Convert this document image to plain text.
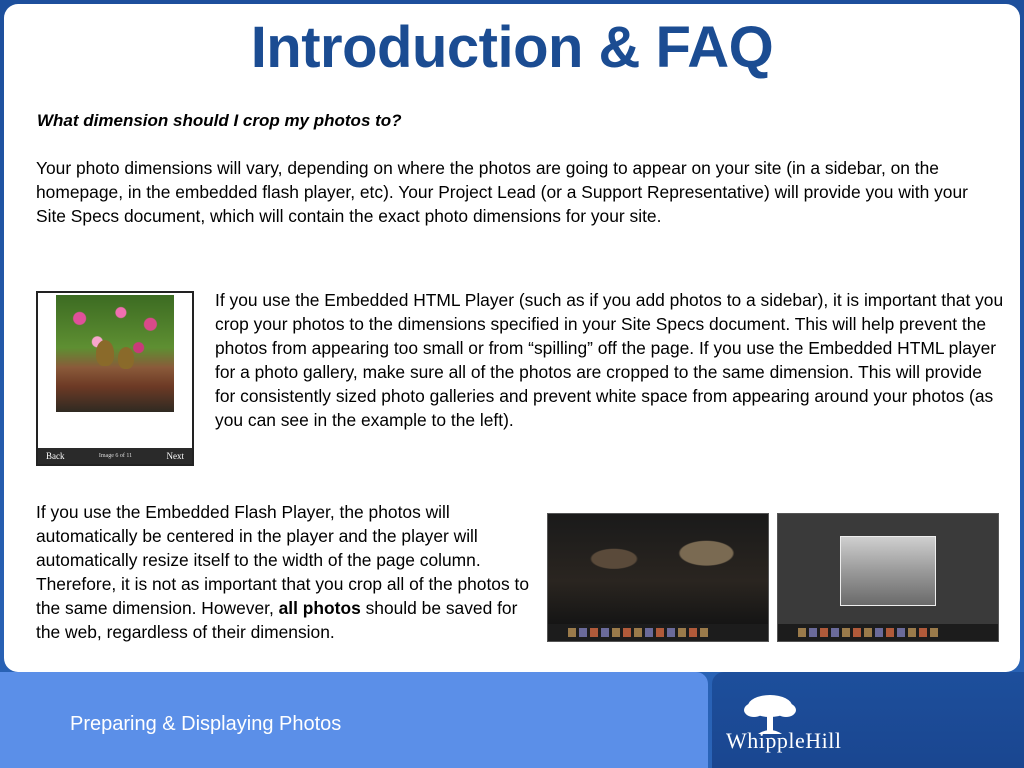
Introduction & FAQ
What dimension should I crop my photos to?

Your photo dimensions will vary, depending on where the photos are going to appear on your site (in a sidebar, on the homepage, in the embedded flash player, etc). Your Project Lead (or a Support Representative) will provide you with your Site Specs document, which will contain the exact photo dimensions for your site.

Back	Image 6 of 11	Next

If you use the Embedded HTML Player (such as if you add photos to a sidebar), it is important that you crop your photos to the dimensions specified in your Site Specs document. This will help prevent the photos from appearing too small or from “spilling” off the page. If you use the Embedded HTML player for a photo gallery, make sure all of the photos are cropped to the same dimension. This will provide for consistently sized photo galleries and prevent white space from appearing around your photos (as you can see in the example to the left).

If you use the Embedded Flash Player, the photos will automatically be centered in the player and the player will automatically resize itself to the width of the page column. Therefore, it is not as important that you crop all of the photos to the same dimension. However, all photos should be saved for the web, regardless of their dimension.

Preparing & Displaying Photos
WhippleHill
